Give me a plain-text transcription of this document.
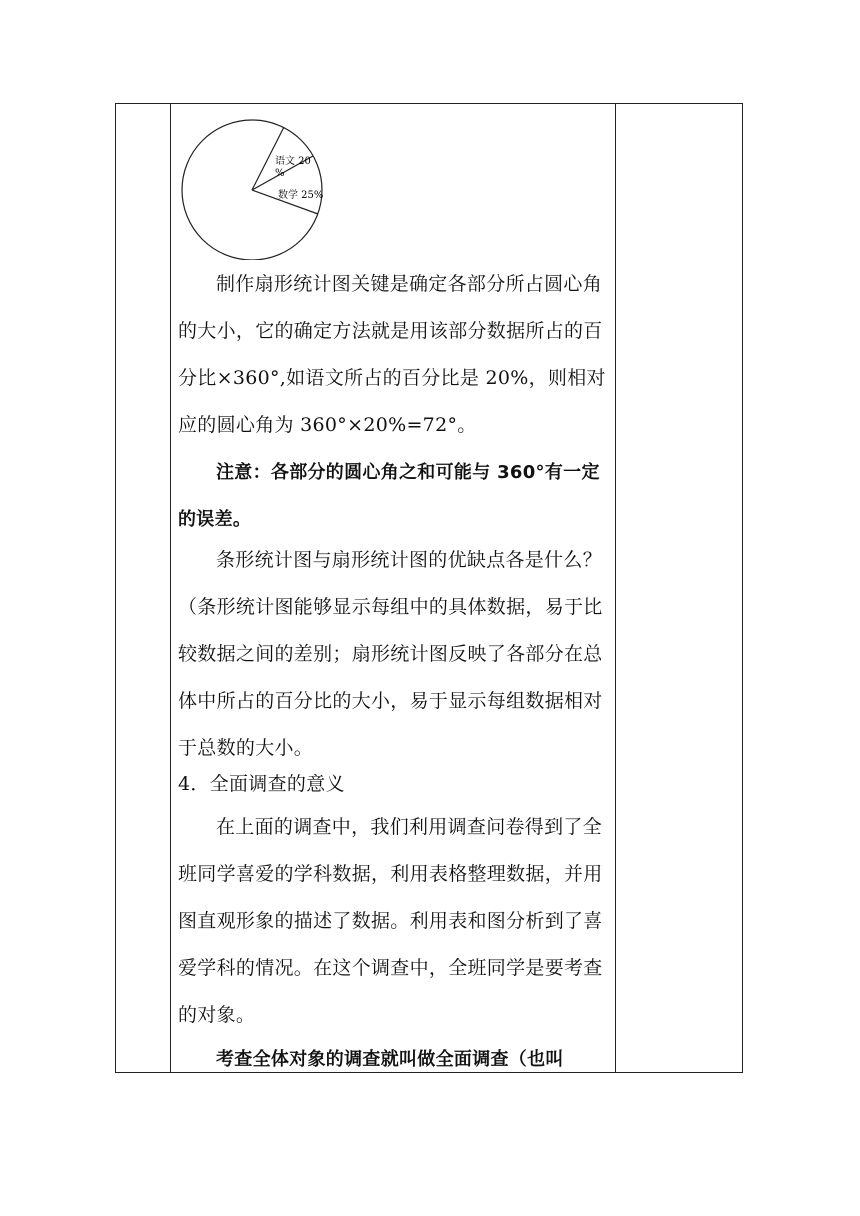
语文 20
%
数学 25%

制作扇形统计图关键是确定各部分所占圆心角的大小，它的确定方法就是用该部分数据所占的百分比×360°,如语文所占的百分比是 20%，则相对应的圆心角为 360°×20%=72°。

注意：各部分的圆心角之和可能与 360°有一定的误差。

条形统计图与扇形统计图的优缺点各是什么？（条形统计图能够显示每组中的具体数据，易于比较数据之间的差别；扇形统计图反映了各部分在总体中所占的百分比的大小，易于显示每组数据相对于总数的大小。

4．全面调查的意义

在上面的调查中，我们利用调查问卷得到了全班同学喜爱的学科数据，利用表格整理数据，并用图直观形象的描述了数据。利用表和图分析到了喜爱学科的情况。在这个调查中，全班同学是要考查的对象。

考查全体对象的调查就叫做全面调查（也叫
